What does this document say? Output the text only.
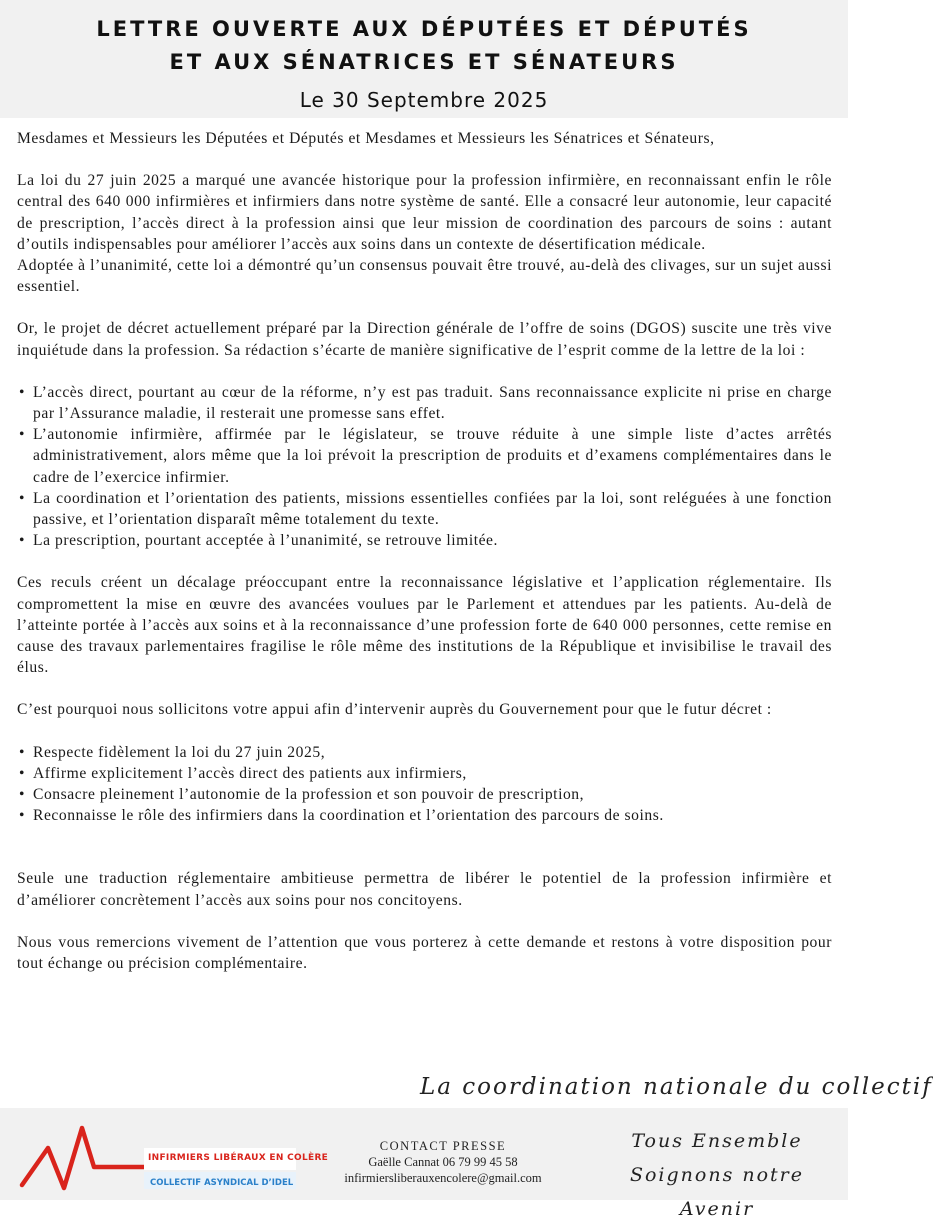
LETTRE OUVERTE AUX DÉPUTÉES ET DÉPUTÉS
ET AUX SÉNATRICES ET SÉNATEURS
Le 30 Septembre 2025

Mesdames et Messieurs les Députées et Députés et Mesdames et Messieurs les Sénatrices et Sénateurs,

La loi du 27 juin 2025 a marqué une avancée historique pour la profession infirmière, en reconnaissant enfin le rôle central des 640 000 infirmières et infirmiers dans notre système de santé. Elle a consacré leur autonomie, leur capacité de prescription, l’accès direct à la profession ainsi que leur mission de coordination des parcours de soins : autant d’outils indispensables pour améliorer l’accès aux soins dans un contexte de désertification médicale.

Adoptée à l’unanimité, cette loi a démontré qu’un consensus pouvait être trouvé, au-delà des clivages, sur un sujet aussi essentiel.

Or, le projet de décret actuellement préparé par la Direction générale de l’offre de soins (DGOS) suscite une très vive inquiétude dans la profession. Sa rédaction s’écarte de manière significative de l’esprit comme de la lettre de la loi :

• L’accès direct, pourtant au cœur de la réforme, n’y est pas traduit. Sans reconnaissance explicite ni prise en charge par l’Assurance maladie, il resterait une promesse sans effet.
• L’autonomie infirmière, affirmée par le législateur, se trouve réduite à une simple liste d’actes arrêtés administrativement, alors même que la loi prévoit la prescription de produits et d’examens complémentaires dans le cadre de l’exercice infirmier.
• La coordination et l’orientation des patients, missions essentielles confiées par la loi, sont reléguées à une fonction passive, et l’orientation disparaît même totalement du texte.
• La prescription, pourtant acceptée à l’unanimité, se retrouve limitée.

Ces reculs créent un décalage préoccupant entre la reconnaissance législative et l’application réglementaire. Ils compromettent la mise en œuvre des avancées voulues par le Parlement et attendues par les patients. Au-delà de l’atteinte portée à l’accès aux soins et à la reconnaissance d’une profession forte de 640 000 personnes, cette remise en cause des travaux parlementaires fragilise le rôle même des institutions de la République et invisibilise le travail des élus.

C’est pourquoi nous sollicitons votre appui afin d’intervenir auprès du Gouvernement pour que le futur décret :

• Respecte fidèlement la loi du 27 juin 2025,
• Affirme explicitement l’accès direct des patients aux infirmiers,
• Consacre pleinement l’autonomie de la profession et son pouvoir de prescription,
• Reconnaisse le rôle des infirmiers dans la coordination et l’orientation des parcours de soins.

Seule une traduction réglementaire ambitieuse permettra de libérer le potentiel de la profession infirmière et d’améliorer concrètement l’accès aux soins pour nos concitoyens.

Nous vous remercions vivement de l’attention que vous porterez à cette demande et restons à votre disposition pour tout échange ou précision complémentaire.

La coordination nationale du collectif
INFIRMIERS LIBÉRAUX EN COLÈRE
COLLECTIF ASYNDICAL D’IDEL
CONTACT PRESSE
Gaëlle Cannat 06 79 99 45 58
infirmiersliberauxencolere@gmail.com
Tous Ensemble
Soignons notre Avenir
